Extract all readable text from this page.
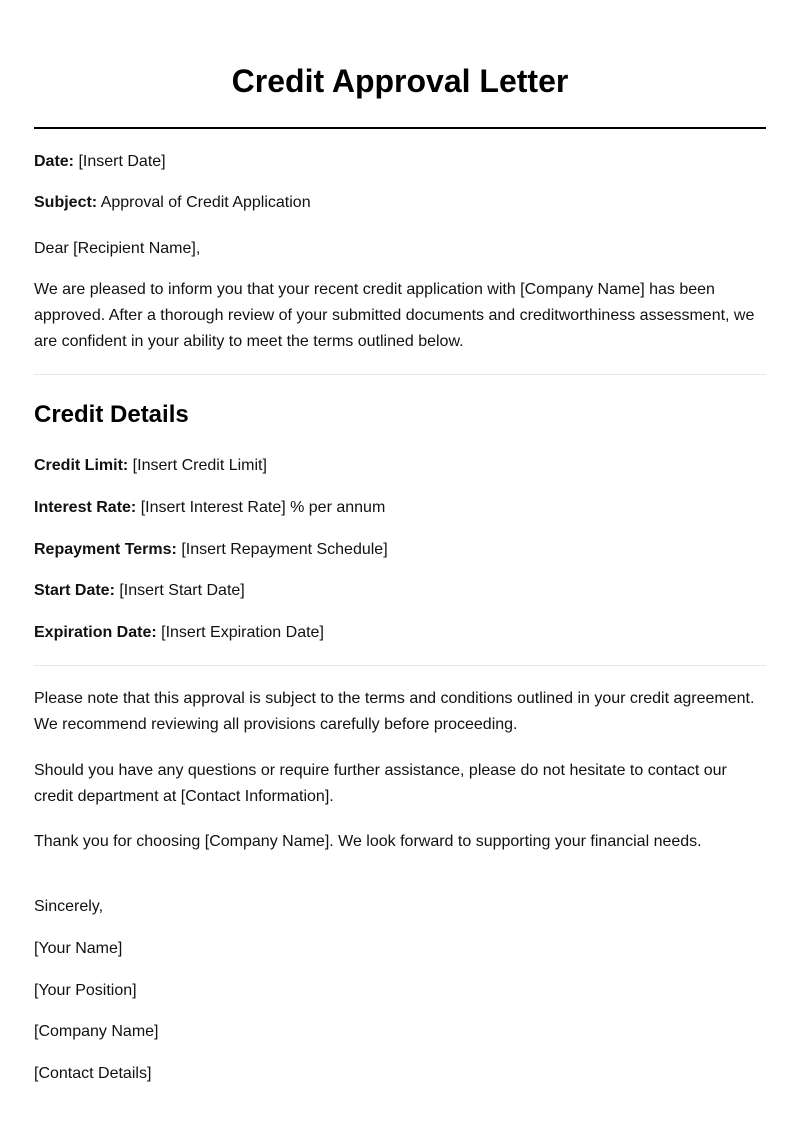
Credit Approval Letter

Date: [Insert Date]

Subject: Approval of Credit Application

Dear [Recipient Name],

We are pleased to inform you that your recent credit application with [Company Name] has been approved. After a thorough review of your submitted documents and creditworthiness assessment, we are confident in your ability to meet the terms outlined below.

Credit Details

Credit Limit: [Insert Credit Limit]

Interest Rate: [Insert Interest Rate] % per annum

Repayment Terms: [Insert Repayment Schedule]

Start Date: [Insert Start Date]

Expiration Date: [Insert Expiration Date]

Please note that this approval is subject to the terms and conditions outlined in your credit agreement. We recommend reviewing all provisions carefully before proceeding.

Should you have any questions or require further assistance, please do not hesitate to contact our credit department at [Contact Information].

Thank you for choosing [Company Name]. We look forward to supporting your financial needs.

Sincerely,

[Your Name]

[Your Position]

[Company Name]

[Contact Details]
